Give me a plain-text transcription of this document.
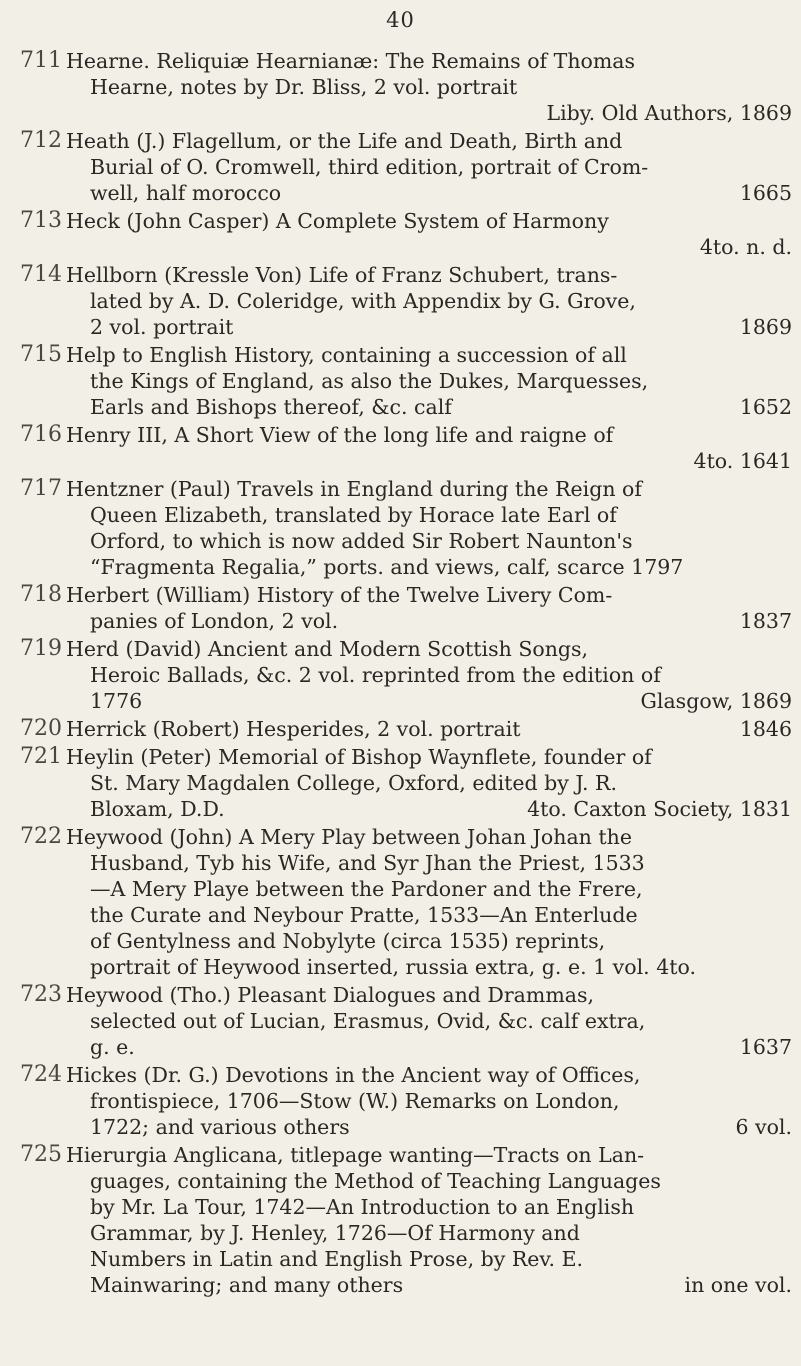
40
711 Hearne. Reliquiæ Hearnianæ: The Remains of Thomas
Hearne, notes by Dr. Bliss, 2 vol. portrait
Liby. Old Authors, 1869
712 Heath (J.) Flagellum, or the Life and Death, Birth and
Burial of O. Cromwell, third edition, portrait of Crom-
well, half morocco	1665
713 Heck (John Casper) A Complete System of Harmony
4to. n. d.
714 Hellborn (Kressle Von) Life of Franz Schubert, trans-
lated by A. D. Coleridge, with Appendix by G. Grove,
2 vol. portrait	1869
715 Help to English History, containing a succession of all
the Kings of England, as also the Dukes, Marquesses,
Earls and Bishops thereof, &c. calf	1652
716 Henry III, A Short View of the long life and raigne of
4to. 1641
717 Hentzner (Paul) Travels in England during the Reign of
Queen Elizabeth, translated by Horace late Earl of
Orford, to which is now added Sir Robert Naunton's
“Fragmenta Regalia,” ports. and views, calf, scarce 1797
718 Herbert (William) History of the Twelve Livery Com-
panies of London, 2 vol.	1837
719 Herd (David) Ancient and Modern Scottish Songs,
Heroic Ballads, &c. 2 vol. reprinted from the edition of
1776	Glasgow, 1869
720 Herrick (Robert) Hesperides, 2 vol. portrait	1846
721 Heylin (Peter) Memorial of Bishop Waynflete, founder of
St. Mary Magdalen College, Oxford, edited by J. R.
Bloxam, D.D.	4to. Caxton Society, 1831
722 Heywood (John) A Mery Play between Johan Johan the
Husband, Tyb his Wife, and Syr Jhan the Priest, 1533
—A Mery Playe between the Pardoner and the Frere,
the Curate and Neybour Pratte, 1533—An Enterlude
of Gentylness and Nobylyte (circa 1535) reprints,
portrait of Heywood inserted, russia extra, g. e. 1 vol. 4to.
723 Heywood (Tho.) Pleasant Dialogues and Drammas,
selected out of Lucian, Erasmus, Ovid, &c. calf extra,
g. e.	1637
724 Hickes (Dr. G.) Devotions in the Ancient way of Offices,
frontispiece, 1706—Stow (W.) Remarks on London,
1722; and various others	6 vol.
725 Hierurgia Anglicana, titlepage wanting—Tracts on Lan-
guages, containing the Method of Teaching Languages
by Mr. La Tour, 1742—An Introduction to an English
Grammar, by J. Henley, 1726—Of Harmony and
Numbers in Latin and English Prose, by Rev. E.
Mainwaring; and many others	in one vol.
